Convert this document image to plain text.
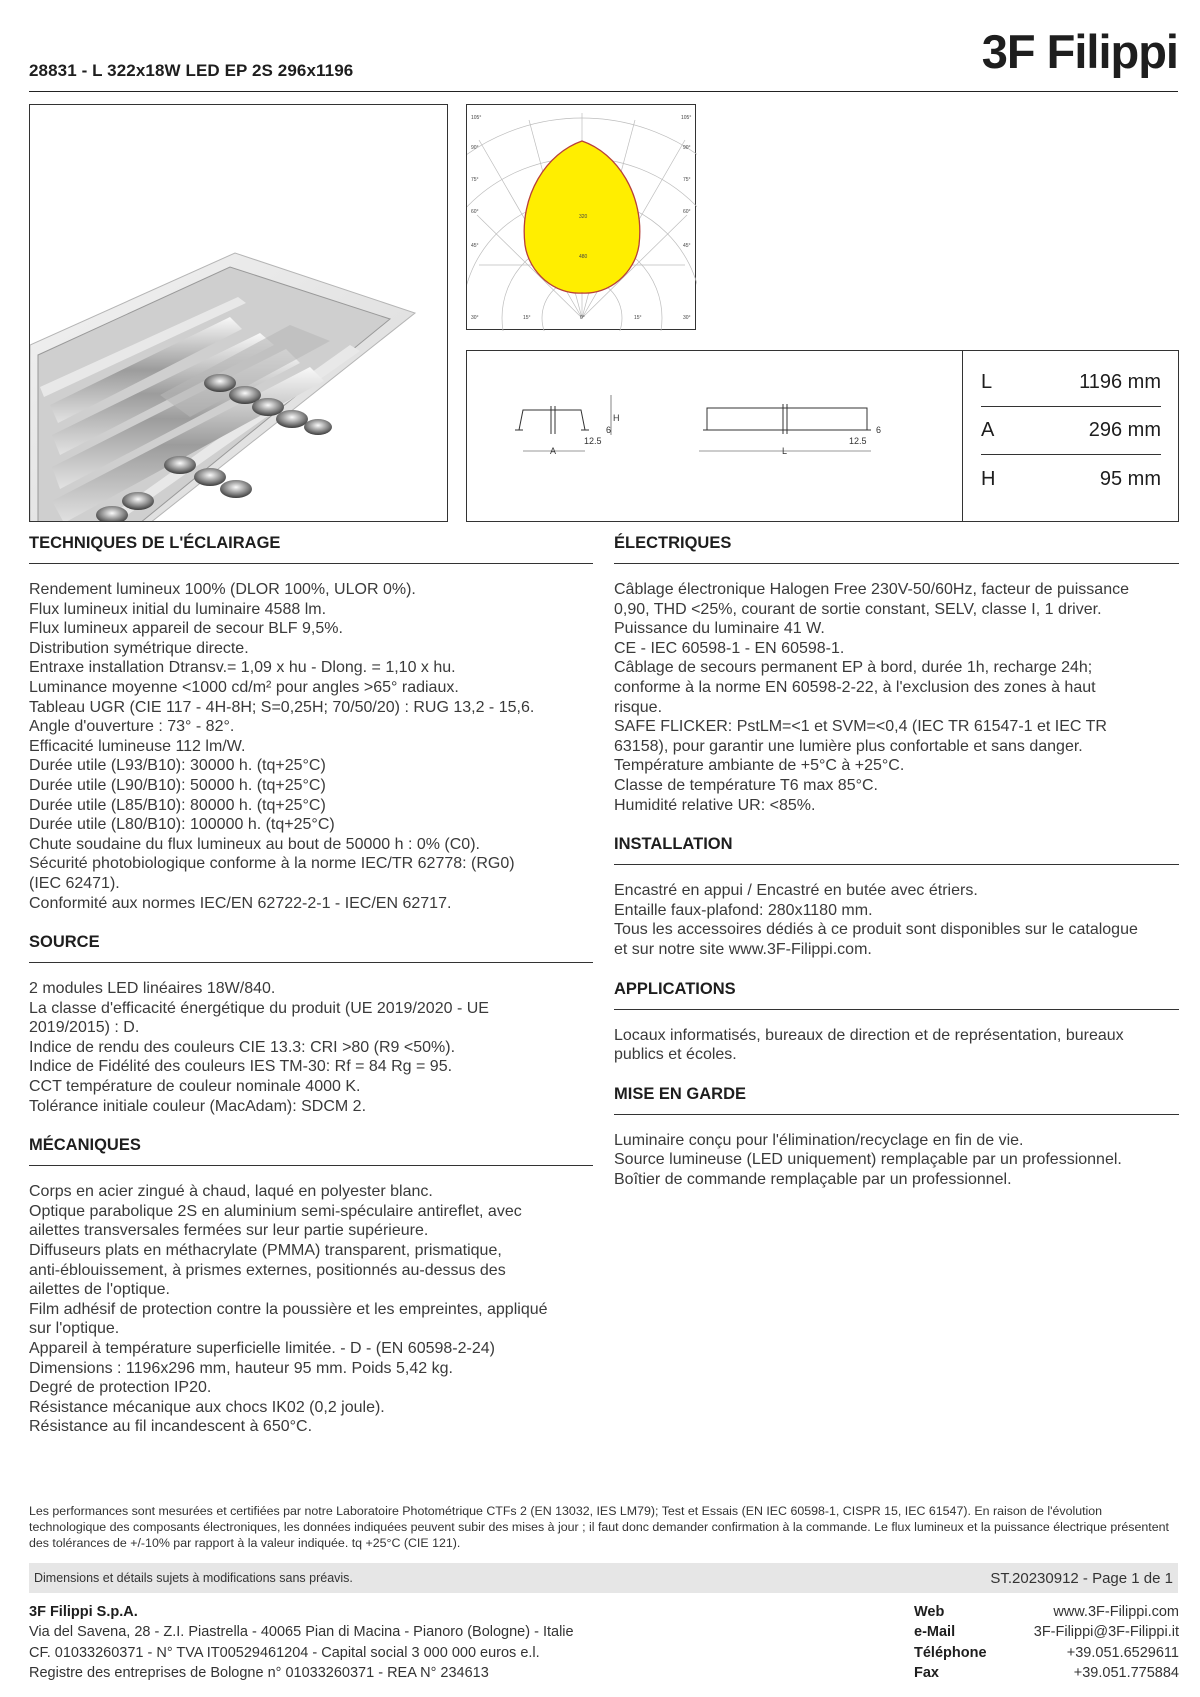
28831 - L 322x18W LED EP 2S 296x1196	3F Filippi
105°
90°
75°
60°
45°
30°
105°
90°
75°
60°
45°
30°
15°	0°	15°
320
480
H
6
12.5
A
6
12.5
L
L	1196 mm
A	296 mm
H	95 mm
TECHNIQUES DE L'ÉCLAIRAGE

Rendement lumineux 100% (DLOR 100%, ULOR 0%).

Flux lumineux initial du luminaire 4588 lm.

Flux lumineux appareil de secour BLF 9,5%.

Distribution symétrique directe.

Entraxe installation Dtransv.= 1,09 x hu - Dlong. = 1,10 x hu.

Luminance moyenne <1000 cd/m² pour angles >65° radiaux.

Tableau UGR (CIE 117 - 4H-8H; S=0,25H; 70/50/20) : RUG 13,2 - 15,6.

Angle d'ouverture : 73° - 82°.

Efficacité lumineuse 112 lm/W.

Durée utile (L93/B10): 30000 h. (tq+25°C)

Durée utile (L90/B10): 50000 h. (tq+25°C)

Durée utile (L85/B10): 80000 h. (tq+25°C)

Durée utile (L80/B10): 100000 h. (tq+25°C)

Chute soudaine du flux lumineux au bout de 50000 h : 0% (C0).

Sécurité photobiologique conforme à la norme IEC/TR 62778: (RG0)

(IEC 62471).

Conformité aux normes IEC/EN 62722-2-1 - IEC/EN 62717.

SOURCE

2 modules LED linéaires 18W/840.

La classe d'efficacité énergétique du produit (UE 2019/2020 - UE

2019/2015) : D.

Indice de rendu des couleurs CIE 13.3: CRI >80 (R9 <50%).

Indice de Fidélité des couleurs IES TM-30: Rf = 84 Rg = 95.

CCT température de couleur nominale 4000 K.

Tolérance initiale couleur (MacAdam): SDCM 2.

MÉCANIQUES

Corps en acier zingué à chaud, laqué en polyester blanc.

Optique parabolique 2S en aluminium semi-spéculaire antireflet, avec

ailettes transversales fermées sur leur partie supérieure.

Diffuseurs plats en méthacrylate (PMMA) transparent, prismatique,

anti-éblouissement, à prismes externes, positionnés au-dessus des

ailettes de l'optique.

Film adhésif de protection contre la poussière et les empreintes, appliqué

sur l'optique.

Appareil à température superficielle limitée. - D - (EN 60598-2-24)

Dimensions : 1196x296 mm, hauteur 95 mm. Poids 5,42 kg.

Degré de protection IP20.

Résistance mécanique aux chocs IK02 (0,2 joule).

Résistance au fil incandescent à 650°C.

ÉLECTRIQUES

Câblage électronique Halogen Free 230V-50/60Hz, facteur de puissance

0,90, THD <25%, courant de sortie constant, SELV, classe I, 1 driver.

Puissance du luminaire 41 W.

CE - IEC 60598-1 - EN 60598-1.

Câblage de secours permanent EP à bord, durée 1h, recharge 24h;

conforme à la norme EN 60598-2-22, à l'exclusion des zones à haut

risque.

SAFE FLICKER: PstLM=<1 et SVM=<0,4 (IEC TR 61547-1 et IEC TR

63158), pour garantir une lumière plus confortable et sans danger.

Température ambiante de +5°C à +25°C.

Classe de température T6 max 85°C.

Humidité relative UR: <85%.

INSTALLATION

Encastré en appui / Encastré en butée avec étriers.

Entaille faux-plafond: 280x1180 mm.

Tous les accessoires dédiés à ce produit sont disponibles sur le catalogue

et sur notre site www.3F-Filippi.com.

APPLICATIONS

Locaux informatisés, bureaux de direction et de représentation, bureaux

publics et écoles.

MISE EN GARDE

Luminaire conçu pour l'élimination/recyclage en fin de vie.

Source lumineuse (LED uniquement) remplaçable par un professionnel.

Boîtier de commande remplaçable par un professionnel.

Les performances sont mesurées et certifiées par notre Laboratoire Photométrique CTFs 2 (EN 13032, IES LM79); Test et Essais (EN IEC 60598-1, CISPR 15, IEC 61547). En raison de l'évolution technologique des composants électroniques, les données indiquées peuvent subir des mises à jour ; il faut donc demander confirmation à la commande. Le flux lumineux et la puissance électrique présentent des tolérances de +/-10% par rapport à la valeur indiquée. tq +25°C (CIE 121).
Dimensions et détails sujets à modifications sans préavis.	ST.20230912 - Page 1 de 1
3F Filippi S.p.A.
Via del Savena, 28 - Z.I. Piastrella - 40065 Pian di Macina - Pianoro (Bologne) - Italie
CF. 01033260371 - N° TVA IT00529461204 - Capital social 3 000 000 euros e.l.
Registre des entreprises de Bologne n° 01033260371 - REA N° 234613
Web	www.3F-Filippi.com
e-Mail	3F-Filippi@3F-Filippi.it
Téléphone	+39.051.6529611
Fax	+39.051.775884
